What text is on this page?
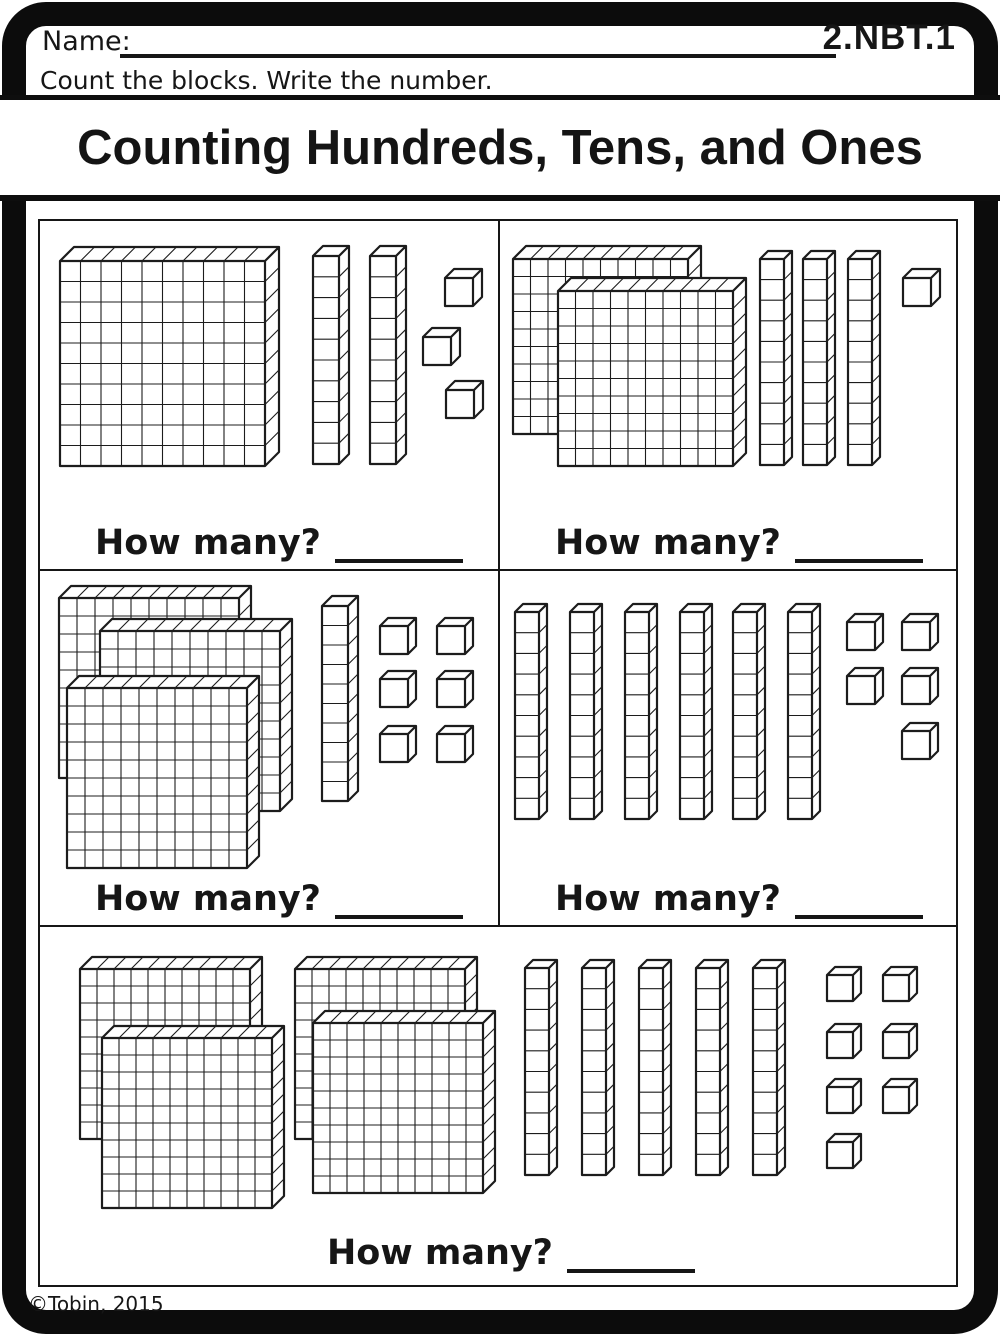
Name:	2.NBT.1
Count the blocks. Write the number.
Counting Hundreds, Tens, and Ones
How many?	How many?
How many?	How many?
How many?
©Tobin, 2015
